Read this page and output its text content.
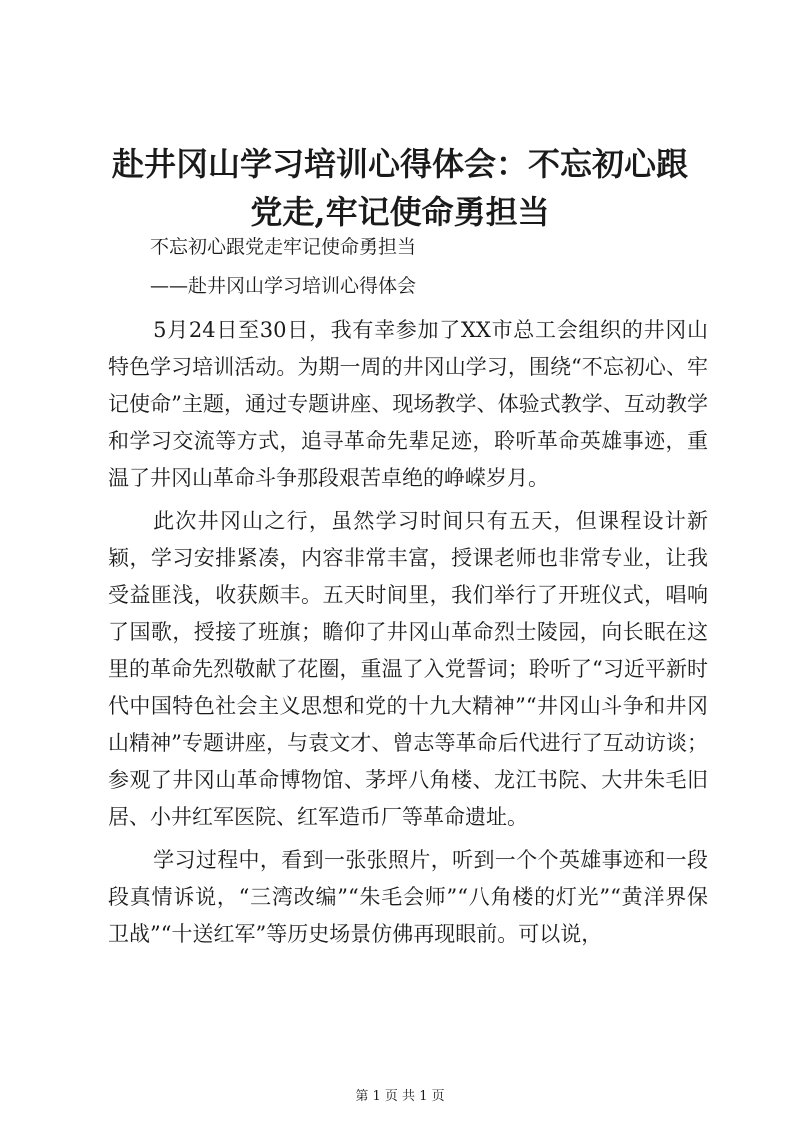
赴井冈山学习培训心得体会：不忘初心跟党走,牢记使命勇担当
不忘初心跟党走牢记使命勇担当
——赴井冈山学习培训心得体会

5月24日至30日，我有幸参加了XX市总工会组织的井冈山特色学习培训活动。为期一周的井冈山学习，围绕“不忘初心、牢记使命”主题，通过专题讲座、现场教学、体验式教学、互动教学和学习交流等方式，追寻革命先辈足迹，聆听革命英雄事迹，重温了井冈山革命斗争那段艰苦卓绝的峥嵘岁月。

此次井冈山之行，虽然学习时间只有五天，但课程设计新颖，学习安排紧凑，内容非常丰富，授课老师也非常专业，让我受益匪浅，收获颇丰。五天时间里，我们举行了开班仪式，唱响了国歌，授接了班旗；瞻仰了井冈山革命烈士陵园，向长眠在这里的革命先烈敬献了花圈，重温了入党誓词；聆听了“习近平新时代中国特色社会主义思想和党的十九大精神”“井冈山斗争和井冈山精神”专题讲座，与袁文才、曾志等革命后代进行了互动访谈；参观了井冈山革命博物馆、茅坪八角楼、龙江书院、大井朱毛旧居、小井红军医院、红军造币厂等革命遗址。

学习过程中，看到一张张照片，听到一个个英雄事迹和一段段真情诉说，“三湾改编”“朱毛会师”“八角楼的灯光”“黄洋界保卫战”“十送红军”等历史场景仿佛再现眼前。可以说，

第 1 页 共 1 页
